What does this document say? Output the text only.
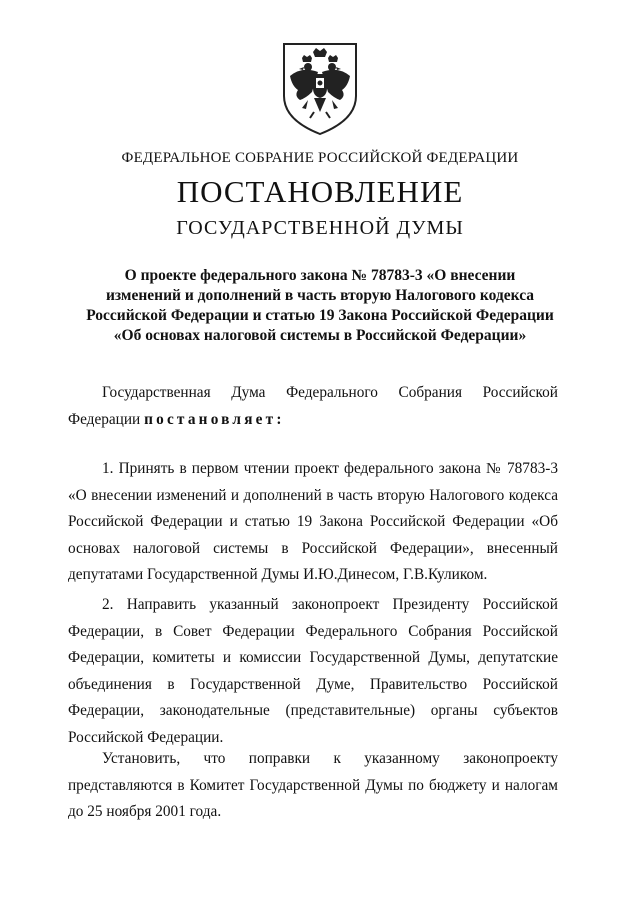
ФЕДЕРАЛЬНОЕ СОБРАНИЕ РОССИЙСКОЙ ФЕДЕРАЦИИ
ПОСТАНОВЛЕНИЕ
ГОСУДАРСТВЕННОЙ ДУМЫ
О проекте федерального закона № 78783-3 «О внесении
изменений и дополнений в часть вторую Налогового кодекса
Российской Федерации и статью 19 Закона Российской Федерации
«Об основах налоговой системы в Российской Федерации»

Государственная Дума Федерального Собрания Российской Федерации постановляет:

1. Принять в первом чтении проект федерального закона № 78783-3 «О внесении изменений и дополнений в часть вторую Налогового кодекса Российской Федерации и статью 19 Закона Российской Федерации «Об основах налоговой системы в Российской Федерации», внесенный депутатами Государственной Думы И.Ю.Динесом, Г.В.Куликом.

2. Направить указанный законопроект Президенту Российской Федерации, в Совет Федерации Федерального Собрания Российской Федерации, комитеты и комиссии Государственной Думы, депутатские объединения в Государственной Думе, Правительство Российской Федерации, законодательные (представительные) органы субъектов Российской Федерации.

Установить, что поправки к указанному законопроекту представляются в Комитет Государственной Думы по бюджету и налогам до 25 ноября 2001 года.
